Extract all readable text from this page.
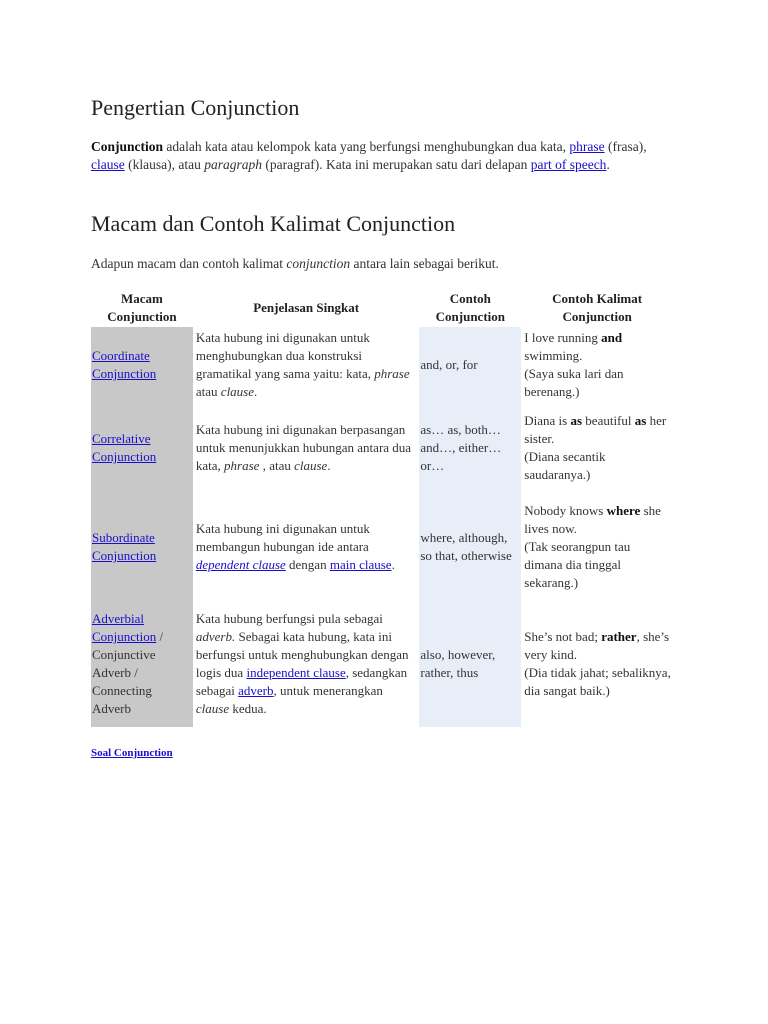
Pengertian Conjunction

Conjunction adalah kata atau kelompok kata yang berfungsi menghubungkan dua kata, phrase (frasa), clause (klausa), atau paragraph (paragraf). Kata ini merupakan satu dari delapan part of speech.

Macam dan Contoh Kalimat Conjunction

Adapun macam dan contoh kalimat conjunction antara lain sebagai berikut.

Macam Conjunction	Penjelasan Singkat	Contoh Conjunction	Contoh Kalimat Conjunction
Coordinate Conjunction	Kata hubung ini digunakan untuk menghubungkan dua konstruksi gramatikal yang sama yaitu: kata, phrase atau clause.	and, or, for	I love running and swimming.
(Saya suka lari dan berenang.)
Correlative Conjunction	Kata hubung ini digunakan berpasangan untuk menunjukkan hubungan antara dua kata, phrase , atau clause.	as… as, both… and…, either… or…	Diana is as beautiful as her sister.
(Diana secantik saudaranya.)
Subordinate Conjunction	Kata hubung ini digunakan untuk membangun hubungan ide antara dependent clause dengan main clause.	where, although, so that, otherwise	Nobody knows where she lives now.
(Tak seorangpun tau dimana dia tinggal sekarang.)
Adverbial Conjunction / Conjunctive Adverb / Connecting Adverb	Kata hubung berfungsi pula sebagai adverb. Sebagai kata hubung, kata ini berfungsi untuk menghubungkan dengan logis dua independent clause, sedangkan sebagai adverb, untuk menerangkan clause kedua.	also, however, rather, thus	She’s not bad; rather, she’s very kind.
(Dia tidak jahat; sebaliknya, dia sangat baik.)
Soal Conjunction
